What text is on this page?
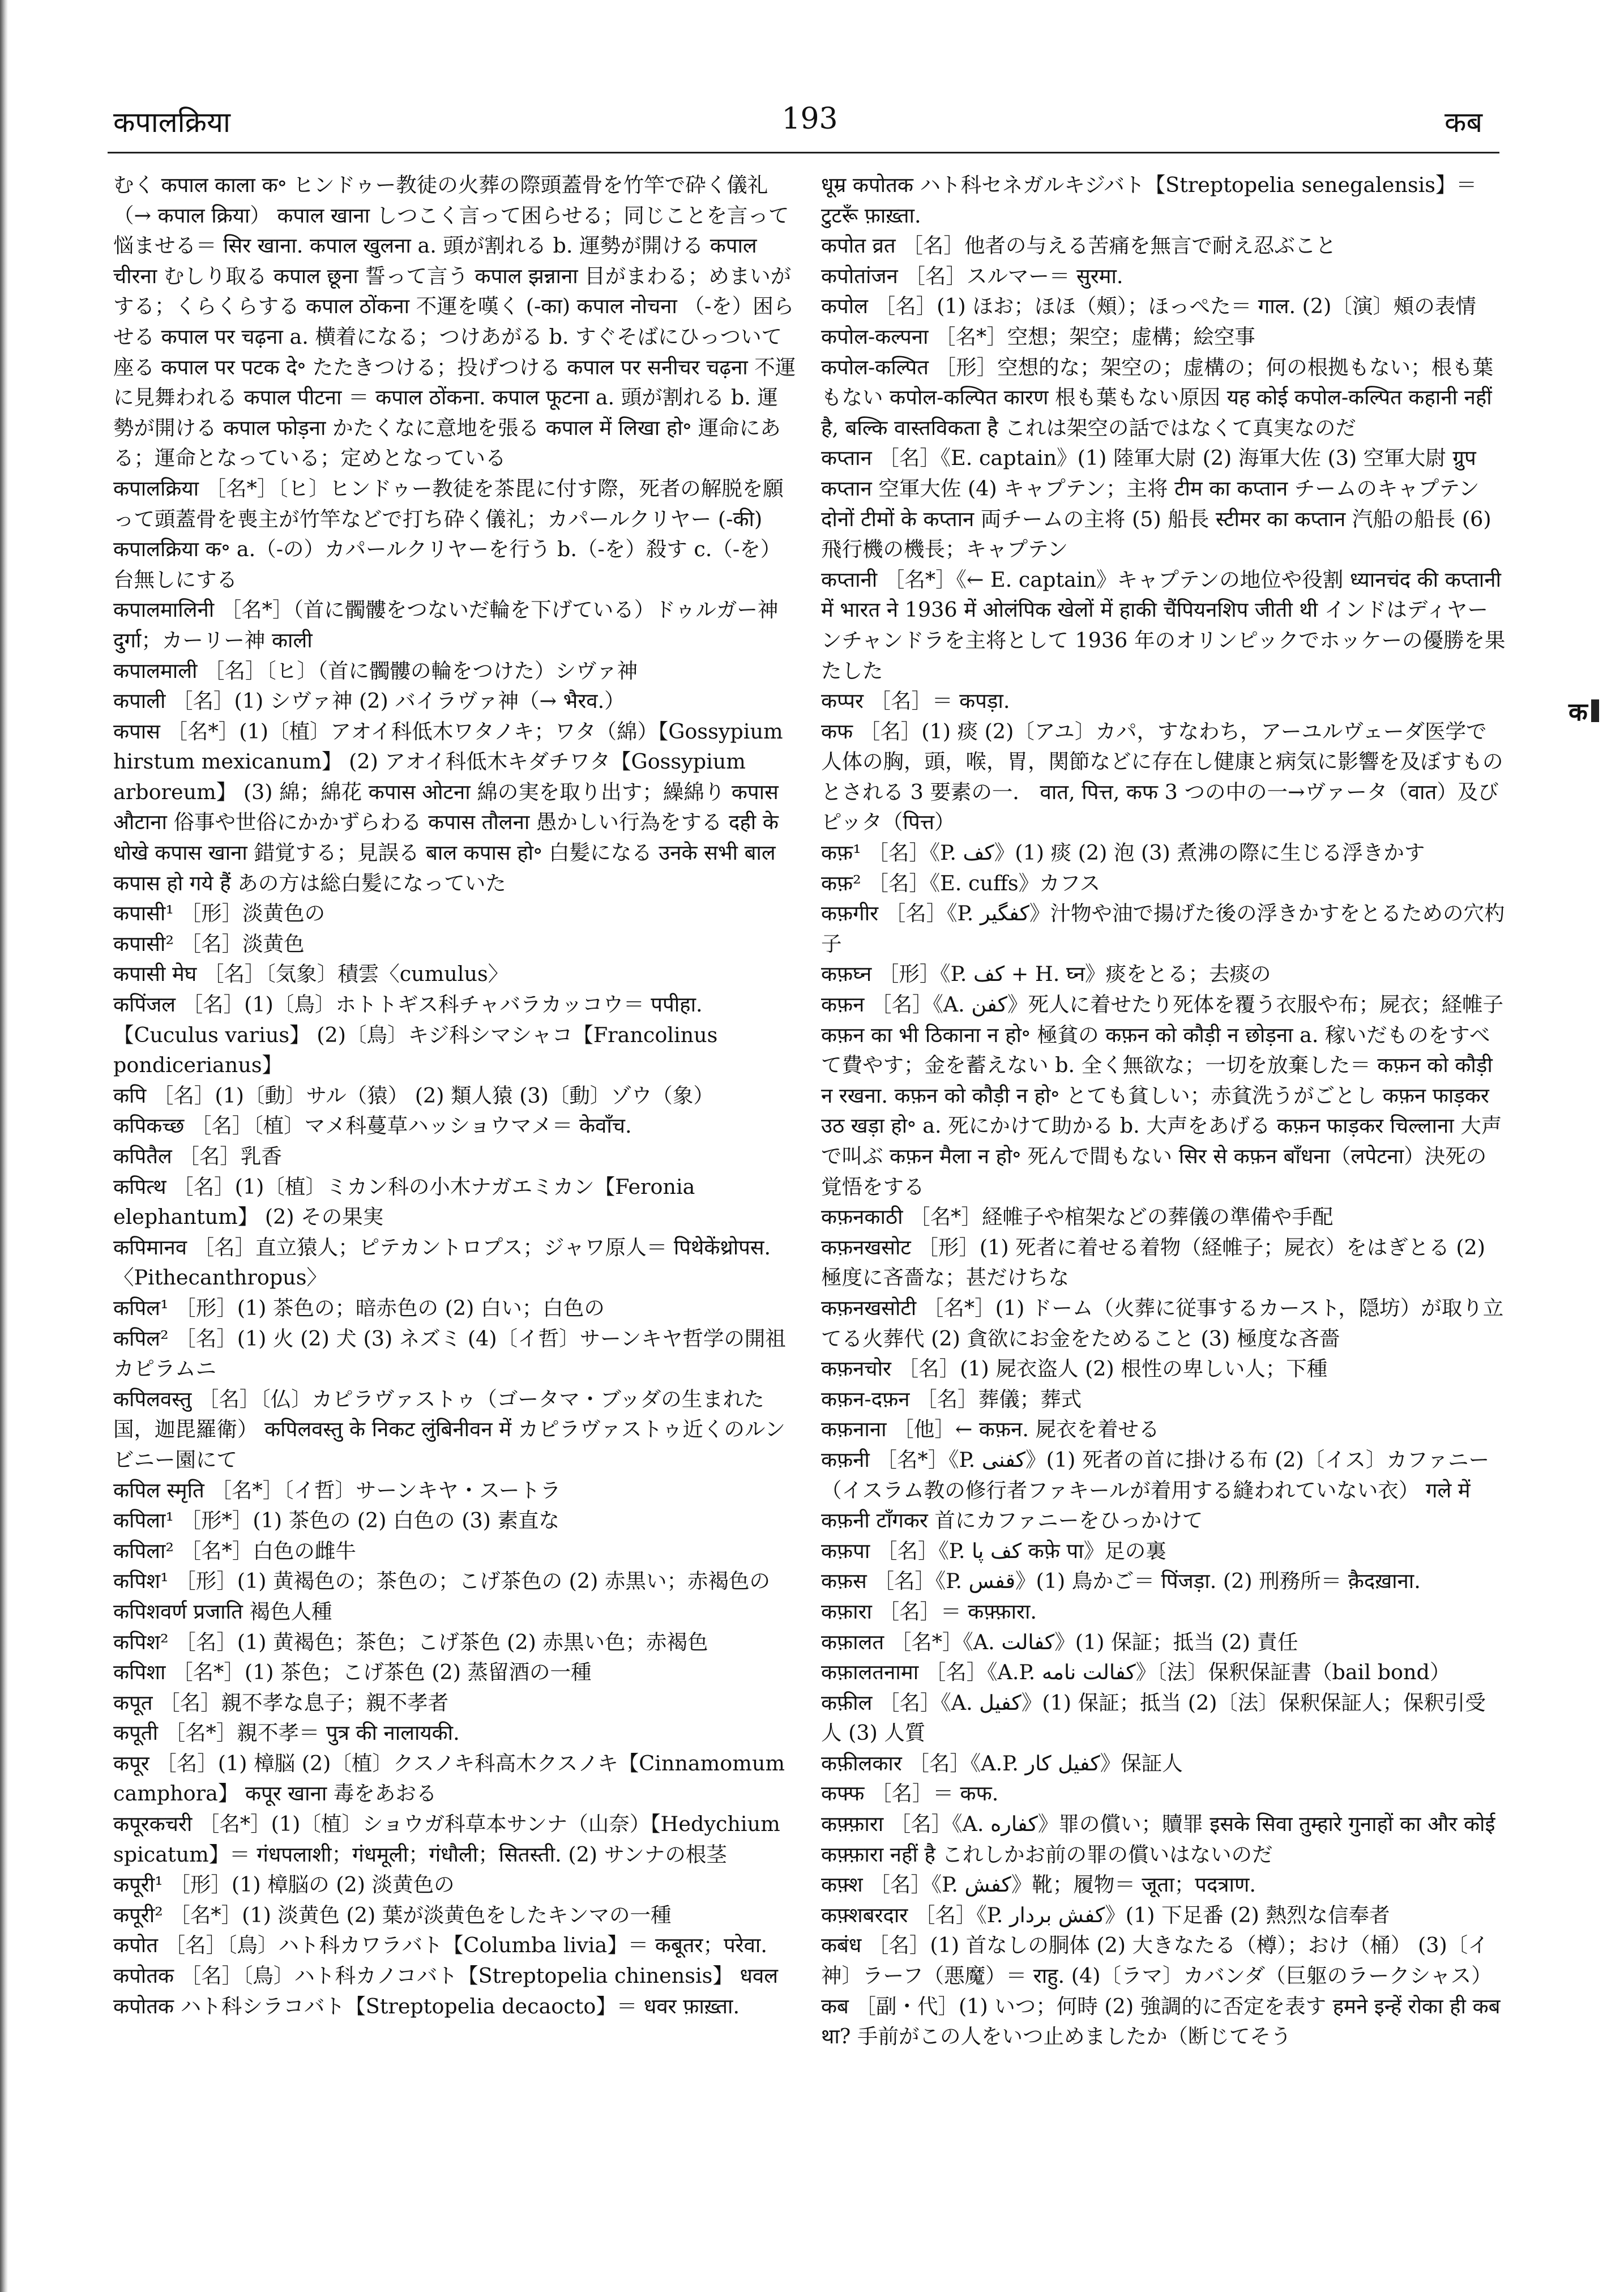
कपालक्रिया	193	कब

むく कपाल काला क॰ ヒンドゥー教徒の火葬の際頭蓋骨を竹竿で砕く儀礼（→ कपाल क्रिया） कपाल खाना しつこく言って困らせる；同じことを言って悩ませる＝ सिर खाना. कपाल खुलना a. 頭が割れる b. 運勢が開ける कपाल चीरना むしり取る कपाल छूना 誓って言う कपाल झन्नाना 目がまわる；めまいがする；くらくらする कपाल ठोंकना 不運を嘆く (-का) कपाल नोचना （-を）困らせる कपाल पर चढ़ना a. 横着になる；つけあがる b. すぐそばにひっついて座る कपाल पर पटक दे॰ たたきつける；投げつける कपाल पर सनीचर चढ़ना 不運に見舞われる कपाल पीटना ＝ कपाल ठोंकना. कपाल फूटना a. 頭が割れる b. 運勢が開ける कपाल फोड़ना かたくなに意地を張る कपाल में लिखा हो॰ 運命にある；運命となっている；定めとなっている

कपालक्रिया ［名*］〔ヒ〕ヒンドゥー教徒を茶毘に付す際，死者の解脱を願って頭蓋骨を喪主が竹竿などで打ち砕く儀礼；カパールクリヤー (-की) कपालक्रिया क॰ a.（-の）カパールクリヤーを行う b.（-を）殺す c.（-を）台無しにする

कपालमालिनी ［名*］（首に髑髏をつないだ輪を下げている）ドゥルガー神 दुर्गा；カーリー神 काली

कपालमाली ［名］〔ヒ〕（首に髑髏の輪をつけた）シヴァ神

कपाली ［名］(1) シヴァ神 (2) バイラヴァ神（→ भैरव.）

कपास ［名*］(1)〔植〕アオイ科低木ワタノキ；ワタ（綿）【Gossypium hirstum mexicanum】 (2) アオイ科低木キダチワタ【Gossypium arboreum】 (3) 綿；綿花 कपास ओटना 綿の実を取り出す；繰綿り कपास औटाना 俗事や世俗にかかずらわる कपास तौलना 愚かしい行為をする दही के धोखे कपास खाना 錯覚する；見誤る बाल कपास हो॰ 白髪になる उनके सभी बाल कपास हो गये हैं あの方は総白髪になっていた

कपासी¹ ［形］淡黄色の

कपासी² ［名］淡黄色

कपासी मेघ ［名］〔気象〕積雲〈cumulus〉

कपिंजल ［名］(1)〔鳥〕ホトトギス科チャバラカッコウ＝ पपीहा. 【Cuculus varius】 (2)〔鳥〕キジ科シマシャコ【Francolinus pondicerianus】

कपि ［名］(1)〔動〕サル（猿） (2) 類人猿 (3)〔動〕ゾウ（象）

कपिकच्छ ［名］〔植〕マメ科蔓草ハッショウマメ＝ केवाँच.

कपितैल ［名］乳香

कपित्थ ［名］(1)〔植〕ミカン科の小木ナガエミカン【Feronia elephantum】 (2) その果実

कपिमानव ［名］直立猿人；ピテカントロプス；ジャワ原人＝ पिथेकेंथ्रोपस.〈Pithecanthropus〉

कपिल¹ ［形］(1) 茶色の；暗赤色の (2) 白い；白色の

कपिल² ［名］(1) 火 (2) 犬 (3) ネズミ (4)〔イ哲〕サーンキヤ哲学の開祖カピラムニ

कपिलवस्तु ［名］〔仏〕カピラヴァストゥ（ゴータマ・ブッダの生まれた国，迦毘羅衛） कपिलवस्तु के निकट लुंबिनीवन में カピラヴァストゥ近くのルンビニー園にて

कपिल स्मृति ［名*］〔イ哲〕サーンキヤ・スートラ

कपिला¹ ［形*］(1) 茶色の (2) 白色の (3) 素直な

कपिला² ［名*］白色の雌牛

कपिश¹ ［形］(1) 黄褐色の；茶色の；こげ茶色の (2) 赤黒い；赤褐色の कपिशवर्ण प्रजाति 褐色人種

कपिश² ［名］(1) 黄褐色；茶色；こげ茶色 (2) 赤黒い色；赤褐色

कपिशा ［名*］(1) 茶色；こげ茶色 (2) 蒸留酒の一種

कपूत ［名］親不孝な息子；親不孝者

कपूती ［名*］親不孝＝ पुत्र की नालायकी.

कपूर ［名］(1) 樟脳 (2)〔植〕クスノキ科高木クスノキ【Cinnamomum camphora】 कपूर खाना 毒をあおる

कपूरकचरी ［名*］(1)〔植〕ショウガ科草本サンナ（山奈）【Hedychium spicatum】＝ गंधपलाशी；गंधमूली；गंधौली；सितस्ती. (2) サンナの根茎

कपूरी¹ ［形］(1) 樟脳の (2) 淡黄色の

कपूरी² ［名*］(1) 淡黄色 (2) 葉が淡黄色をしたキンマの一種

कपोत ［名］〔鳥〕ハト科カワラバト【Columba livia】＝ कबूतर；परेवा.

कपोतक ［名］〔鳥〕ハト科カノコバト【Streptopelia chinensis】 धवल कपोतक ハト科シラコバト【Streptopelia decaocto】＝ धवर फ़ाख़्ता.

धूम्र कपोतक ハト科セネガルキジバト【Streptopelia senegalensis】＝ टुटरूँ फ़ाख़्ता.

कपोत व्रत ［名］他者の与える苦痛を無言で耐え忍ぶこと

कपोतांजन ［名］スルマー＝ सुरमा.

कपोल ［名］(1) ほお；ほほ（頰）；ほっぺた＝ गाल. (2)〔演〕頰の表情

कपोल-कल्पना ［名*］空想；架空；虚構；絵空事

कपोल-कल्पित ［形］空想的な；架空の；虚構の；何の根拠もない；根も葉もない कपोल-कल्पित कारण 根も葉もない原因 यह कोई कपोल-कल्पित कहानी नहीं है, बल्कि वास्तविकता है これは架空の話ではなくて真実なのだ

कप्तान ［名］《E. captain》(1) 陸軍大尉 (2) 海軍大佐 (3) 空軍大尉 ग्रुप कप्तान 空軍大佐 (4) キャプテン；主将 टीम का कप्तान チームのキャプテン दोनों टीमों के कप्तान 両チームの主将 (5) 船長 स्टीमर का कप्तान 汽船の船長 (6) 飛行機の機長；キャプテン

कप्तानी ［名*］《← E. captain》キャプテンの地位や役割 ध्यानचंद की कप्तानी में भारत ने 1936 में ओलंपिक खेलों में हाकी चैंपियनशिप जीती थी インドはディヤーンチャンドラを主将として 1936 年のオリンピックでホッケーの優勝を果たした

कप्पर ［名］＝ कपड़ा.

कफ ［名］(1) 痰 (2)〔アユ〕カパ，すなわち，アーユルヴェーダ医学で人体の胸，頭，喉，胃，関節などに存在し健康と病気に影響を及ぼすものとされる 3 要素の一． वात, पित्त, कफ 3 つの中の一→ヴァータ（वात）及びピッタ（पित्त）

कफ़¹ ［名］《P. کف》(1) 痰 (2) 泡 (3) 煮沸の際に生じる浮きかす

कफ़² ［名］《E. cuffs》カフス

कफ़गीर ［名］《P. کفگیر》汁物や油で揚げた後の浮きかすをとるための穴杓子

कफ़घ्न ［形］《P. کف + H. घ्न》痰をとる；去痰の

कफ़न ［名］《A. کفن》死人に着せたり死体を覆う衣服や布；屍衣；経帷子 कफ़न का भी ठिकाना न हो॰ 極貧の कफ़न को कौड़ी न छोड़ना a. 稼いだものをすべて費やす；金を蓄えない b. 全く無欲な；一切を放棄した＝ कफ़न को कौड़ी न रखना. कफ़न को कौड़ी न हो॰ とても貧しい；赤貧洗うがごとし कफ़न फाड़कर उठ खड़ा हो॰ a. 死にかけて助かる b. 大声をあげる कफ़न फाड़कर चिल्लाना 大声で叫ぶ कफ़न मैला न हो॰ 死んで間もない सिर से कफ़न बाँधना（लपेटना）決死の覚悟をする

कफ़नकाठी ［名*］経帷子や棺架などの葬儀の準備や手配

कफ़नखसोट ［形］(1) 死者に着せる着物（経帷子；屍衣）をはぎとる (2) 極度に吝嗇な；甚だけちな

कफ़नखसोटी ［名*］(1) ドーム（火葬に従事するカースト，隠坊）が取り立てる火葬代 (2) 貪欲にお金をためること (3) 極度な吝嗇

कफ़नचोर ［名］(1) 屍衣盗人 (2) 根性の卑しい人；下種

कफ़न-दफ़न ［名］葬儀；葬式

कफ़नाना ［他］← कफ़न. 屍衣を着せる

कफ़नी ［名*］《P. کفنی》(1) 死者の首に掛ける布 (2)〔イス〕カファニー（イスラム教の修行者ファキールが着用する縫われていない衣） गले में कफ़नी टाँगकर 首にカファニーをひっかけて

कफ़पा ［名］《P. کف پا कफ़े पा》足の裏

कफ़स ［名］《P. قفس》(1) 鳥かご＝ पिंजड़ा. (2) 刑務所＝ क़ैदख़ाना.

कफ़ारा ［名］＝ कफ़्फ़ारा.

कफ़ालत ［名*］《A. کفالت》(1) 保証；抵当 (2) 責任

कफ़ालतनामा ［名］《A.P. کفالت نامه》〔法〕保釈保証書（bail bond）

कफ़ील ［名］《A. کفیل》(1) 保証；抵当 (2)〔法〕保釈保証人；保釈引受人 (3) 人質

कफ़ीलकार ［名］《A.P. کفیل کار》保証人

कफ्फ ［名］＝ कफ.

कफ़्फ़ारा ［名］《A. کفاره》罪の償い；贖罪 इसके सिवा तुम्हारे गुनाहों का और कोई कफ़्फ़ारा नहीं है これしかお前の罪の償いはないのだ

कफ़्श ［名］《P. کفش》靴；履物＝ जूता；पदत्राण.

कफ़्शबरदार ［名］《P. کفش بردار》(1) 下足番 (2) 熱烈な信奉者

कबंध ［名］(1) 首なしの胴体 (2) 大きなたる（樽）；おけ（桶） (3)〔イ神〕ラーフ（悪魔）＝ राहु. (4)〔ラマ〕カバンダ（巨躯のラークシャス）

कब ［副・代］(1) いつ；何時 (2) 強調的に否定を表す हमने इन्हें रोका ही कब था? 手前がこの人をいつ止めましたか（断じてそう

क
